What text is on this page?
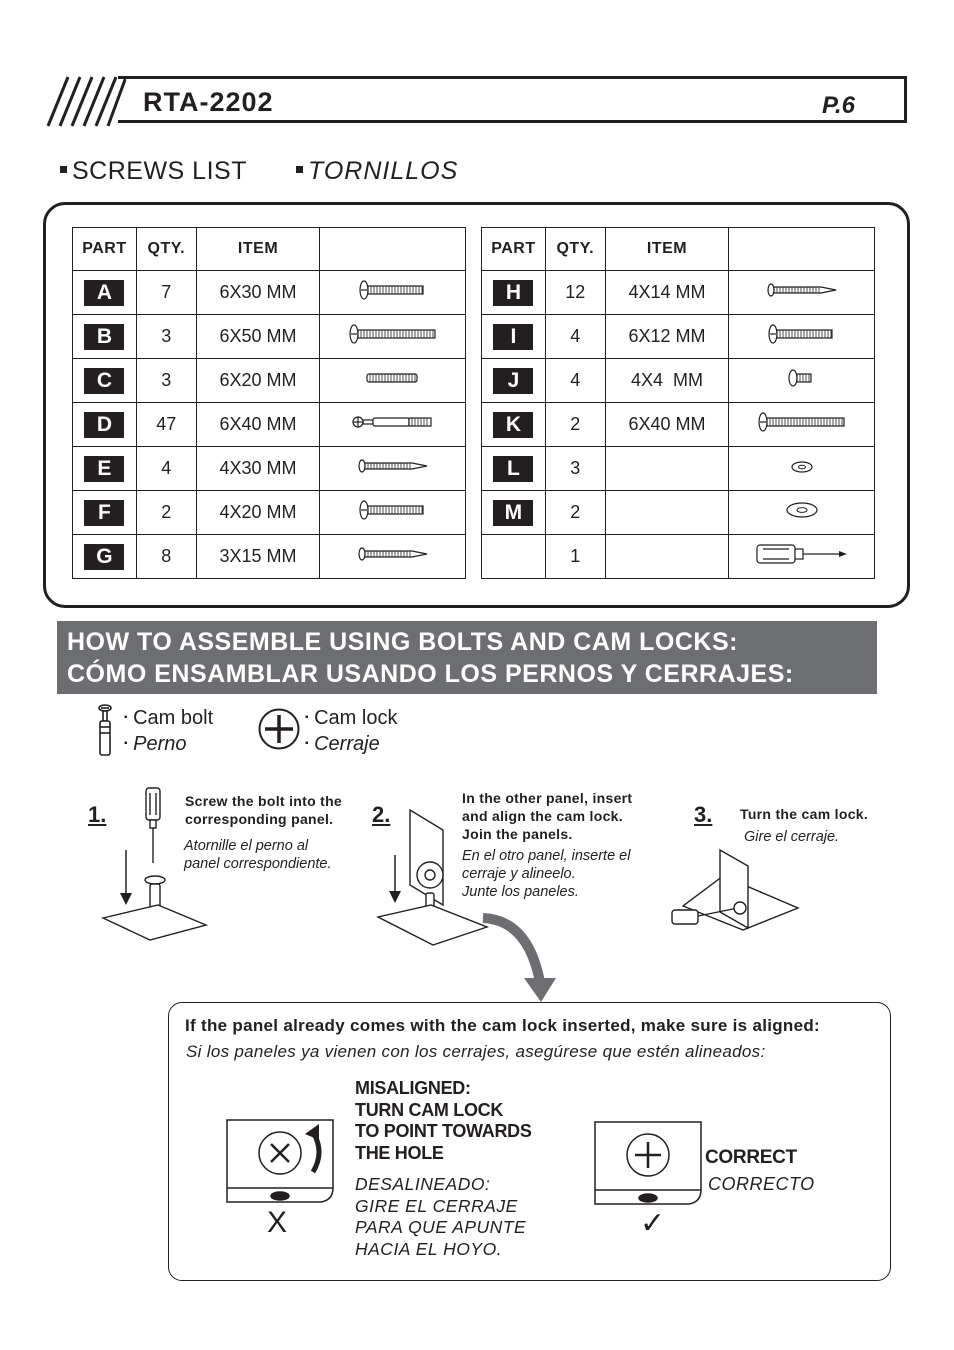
RTA-2202	P.6
SCREWS LIST	TORNILLOS
PART	QTY.	ITEM	
A	7	6X30 MM	
B	3	6X50 MM	
C	3	6X20 MM	
D	47	6X40 MM	
E	4	4X30 MM	
F	2	4X20 MM	
G	8	3X15 MM	
PART	QTY.	ITEM	
H	12	4X14 MM	
I	4	6X12 MM	
J	4	4X4  MM	
K	2	6X40 MM	
L	3		
M	2		
	1		
HOW TO ASSEMBLE USING BOLTS AND CAM LOCKS:
CÓMO ENSAMBLAR USANDO LOS PERNOS Y CERRAJES:
▪ Cam bolt
▪ Perno
▪ Cam lock
▪ Cerraje
1.
Screw the bolt into the
corresponding panel.
Atornille el perno al
panel correspondiente.
2.
In the other panel, insert
and align the cam lock.
Join the panels.
En el otro panel, inserte el
cerraje y alineelo.
Junte los paneles.
3. Turn the cam lock.
Gire el cerraje.
If the panel already comes with the cam lock inserted, make sure is aligned:
Si los paneles ya vienen con los cerrajes, asegúrese que estén alineados:
X
MISALIGNED:
TURN CAM LOCK
TO POINT TOWARDS
THE HOLE
DESALINEADO:
GIRE EL CERRAJE
PARA QUE APUNTE
HACIA EL HOYO.
✓
CORRECT
CORRECTO
